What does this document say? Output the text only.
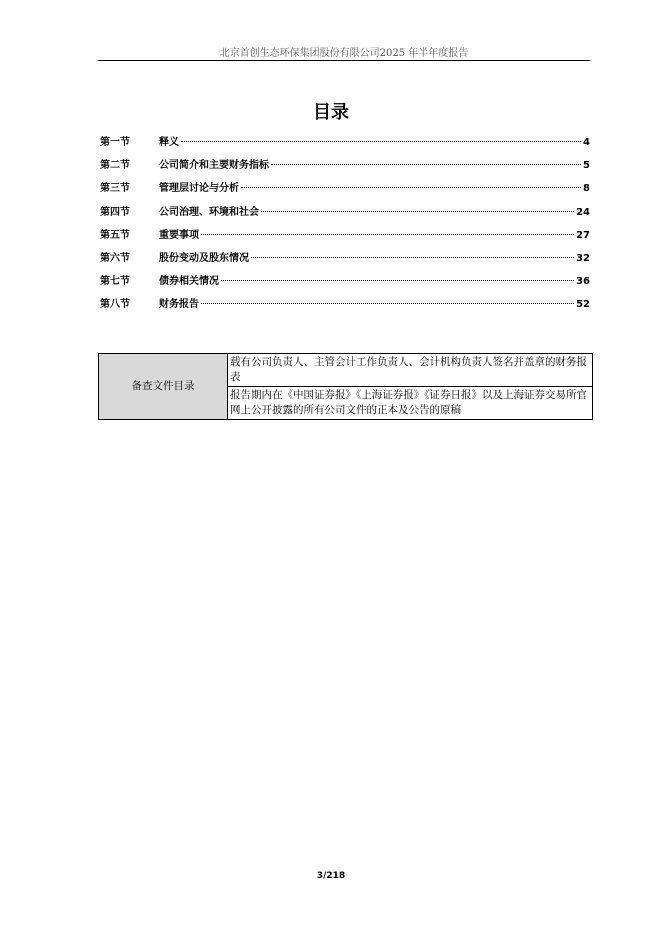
北京首创生态环保集团股份有限公司2025 年半年度报告
目录
第一节	释义	4
第二节	公司简介和主要财务指标	5
第三节	管理层讨论与分析	8
第四节	公司治理、环境和社会	24
第五节	重要事项	27
第六节	股份变动及股东情况	32
第七节	债券相关情况	36
第八节	财务报告	52
备查文件目录	载有公司负责人、主管会计工作负责人、会计机构负责人签名并盖章的财务报表
报告期内在《中国证券报》《上海证券报》《证券日报》以及上海证券交易所官网上公开披露的所有公司文件的正本及公告的原稿
3/218
